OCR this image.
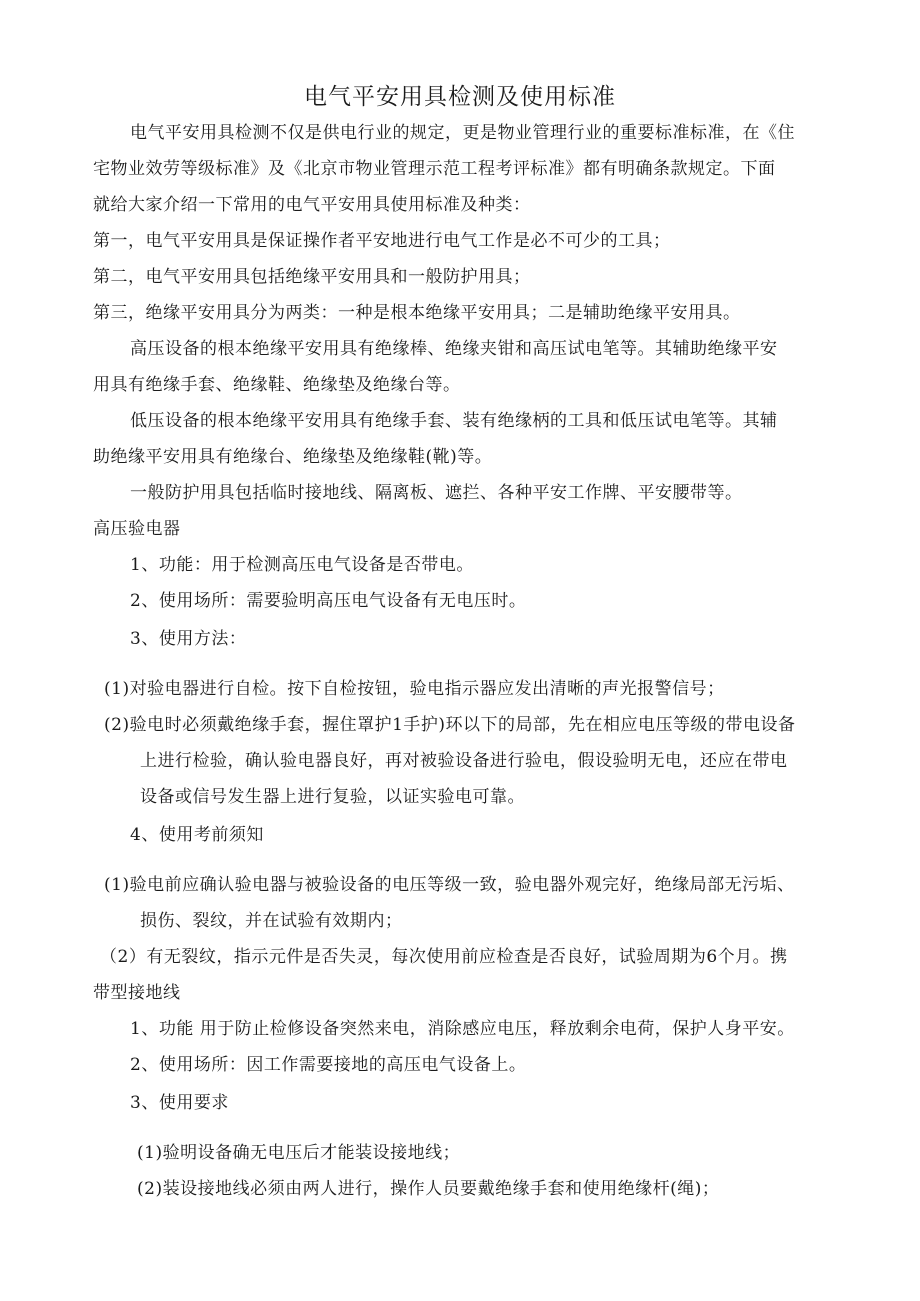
电气平安用具检测及使用标准
电气平安用具检测不仅是供电行业的规定，更是物业管理行业的重要标准标准，在《住
宅物业效劳等级标准》及《北京市物业管理示范工程考评标准》都有明确条款规定。下面
就给大家介绍一下常用的电气平安用具使用标准及种类：
第一，电气平安用具是保证操作者平安地进行电气工作是必不可少的工具；
第二，电气平安用具包括绝缘平安用具和一般防护用具；
第三，绝缘平安用具分为两类：一种是根本绝缘平安用具；二是辅助绝缘平安用具。
高压设备的根本绝缘平安用具有绝缘棒、绝缘夹钳和高压试电笔等。其辅助绝缘平安
用具有绝缘手套、绝缘鞋、绝缘垫及绝缘台等。
低压设备的根本绝缘平安用具有绝缘手套、装有绝缘柄的工具和低压试电笔等。其辅
助绝缘平安用具有绝缘台、绝缘垫及绝缘鞋(靴)等。
一般防护用具包括临时接地线、隔离板、遮拦、各种平安工作牌、平安腰带等。
高压验电器
1、功能：用于检测高压电气设备是否带电。
2、使用场所：需要验明高压电气设备有无电压时。
3、使用方法：
(1)对验电器进行自检。按下自检按钮，验电指示器应发出清晰的声光报警信号；
(2)验电时必须戴绝缘手套，握住罩护1手护)环以下的局部，先在相应电压等级的带电设备
上进行检验，确认验电器良好，再对被验设备进行验电，假设验明无电，还应在带电
设备或信号发生器上进行复验，以证实验电可靠。
4、使用考前须知
(1)验电前应确认验电器与被验设备的电压等级一致，验电器外观完好，绝缘局部无污垢、
损伤、裂纹，并在试验有效期内；
（2）有无裂纹，指示元件是否失灵，每次使用前应检查是否良好，试验周期为6个月。携
带型接地线
1、功能 用于防止检修设备突然来电，消除感应电压，释放剩余电荷，保护人身平安。
2、使用场所：因工作需要接地的高压电气设备上。
3、使用要求
(1)验明设备确无电压后才能装设接地线；
(2)装设接地线必须由两人进行，操作人员要戴绝缘手套和使用绝缘杆(绳)；
